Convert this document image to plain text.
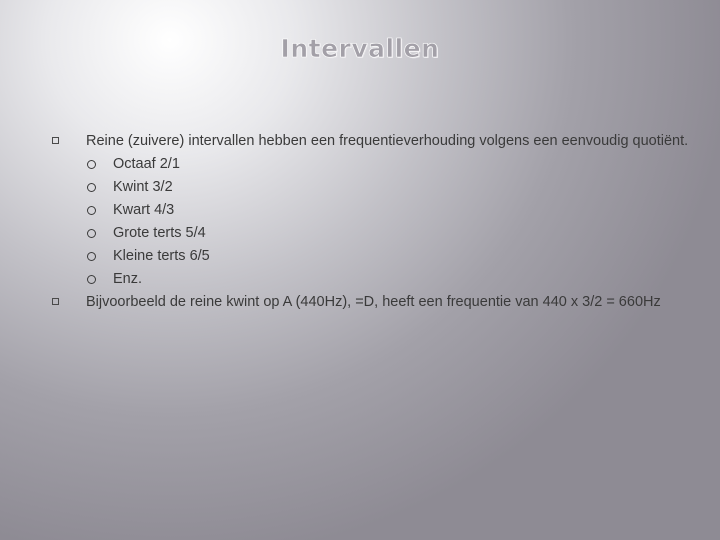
Intervallen
Reine (zuivere) intervallen hebben een frequentieverhouding volgens een eenvoudig quotiënt.
Octaaf 2/1
Kwint 3/2
Kwart 4/3
Grote terts 5/4
Kleine terts 6/5
Enz.
Bijvoorbeeld de reine kwint op A (440Hz), =D, heeft een frequentie van 440 x 3/2 = 660Hz
